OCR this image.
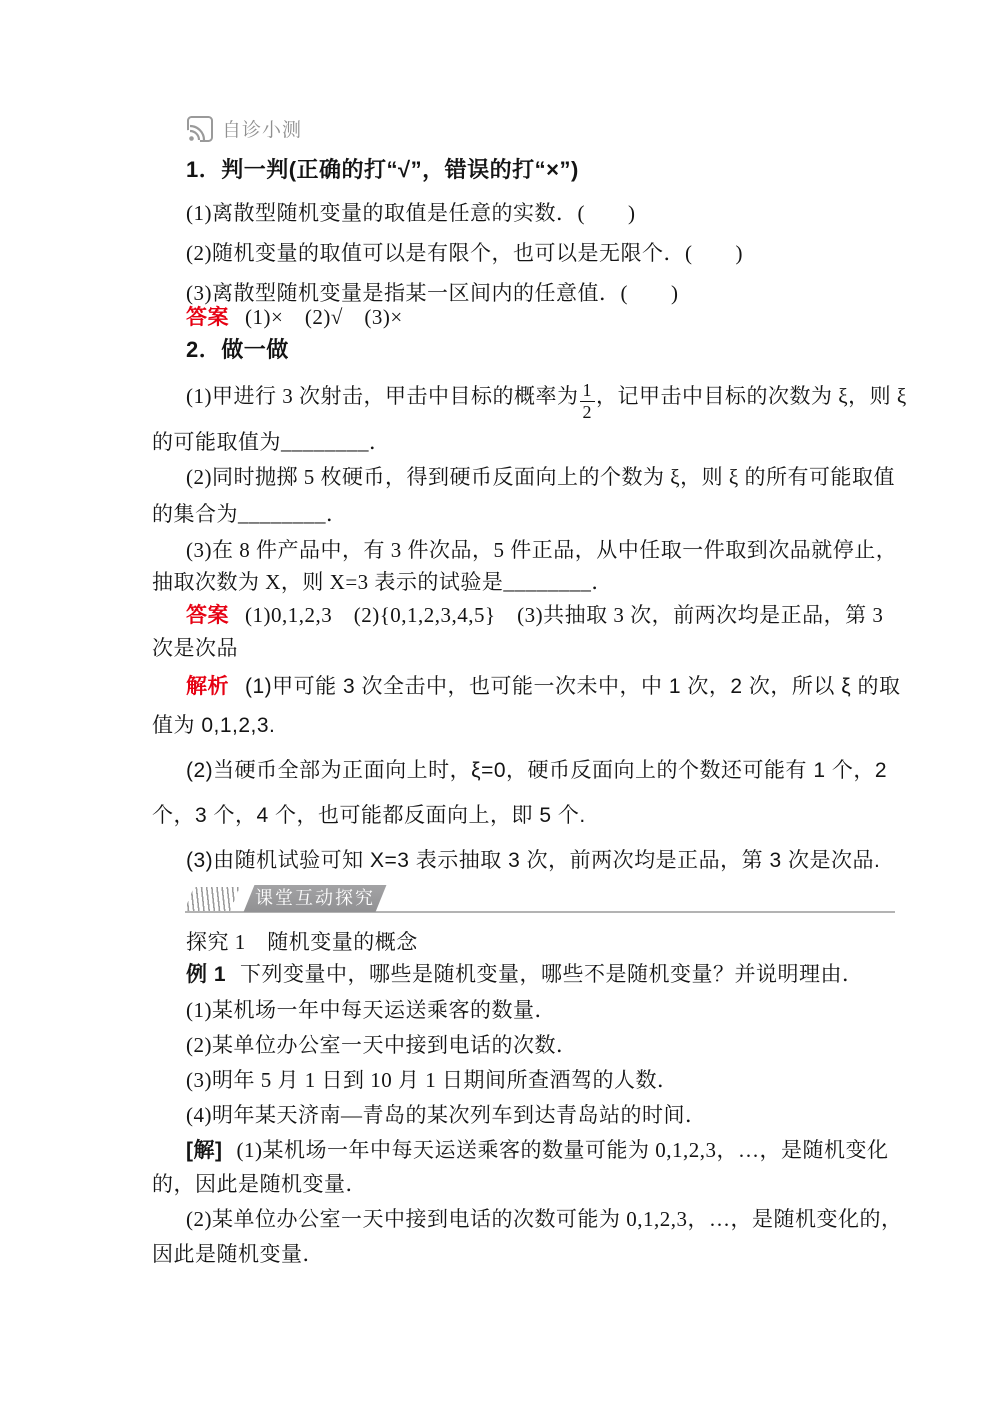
自诊小测
1．判一判(正确的打“√”，错误的打“×”)
(1)离散型随机变量的取值是任意的实数．(　　)
(2)随机变量的取值可以是有限个，也可以是无限个．(　　)
(3)离散型随机变量是指某一区间内的任意值．(　　)
答案 (1)×　(2)√　(3)×
2．做一做
(1)甲进行 3 次射击，甲击中目标的概率为 $\frac{1}{2}$ ，记甲击中目标的次数为 ξ，则 ξ
的可能取值为________．
(2)同时抛掷 5 枚硬币，得到硬币反面向上的个数为 ξ，则 ξ 的所有可能取值
的集合为________．
(3)在 8 件产品中，有 3 件次品，5 件正品，从中任取一件取到次品就停止，
抽取次数为 X，则 X=3 表示的试验是________．
答案 (1)0,1,2,3　(2){0,1,2,3,4,5}　(3)共抽取 3 次，前两次均是正品，第 3
次是次品
解析 (1)甲可能 3 次全击中，也可能一次未中，中 1 次，2 次，所以 ξ 的取
值为 0,1,2,3.
(2)当硬币全部为正面向上时，ξ=0，硬币反面向上的个数还可能有 1 个，2
个，3 个，4 个，也可能都反面向上，即 5 个.
(3)由随机试验可知 X=3 表示抽取 3 次，前两次均是正品，第 3 次是次品.
课堂互动探究
探究 1　随机变量的概念
例 1 下列变量中，哪些是随机变量，哪些不是随机变量？并说明理由．
(1)某机场一年中每天运送乘客的数量．
(2)某单位办公室一天中接到电话的次数．
(3)明年 5 月 1 日到 10 月 1 日期间所查酒驾的人数．
(4)明年某天济南—青岛的某次列车到达青岛站的时间．
[解] (1)某机场一年中每天运送乘客的数量可能为 0,1,2,3，…，是随机变化
的，因此是随机变量．
(2)某单位办公室一天中接到电话的次数可能为 0,1,2,3，…，是随机变化的，
因此是随机变量．
